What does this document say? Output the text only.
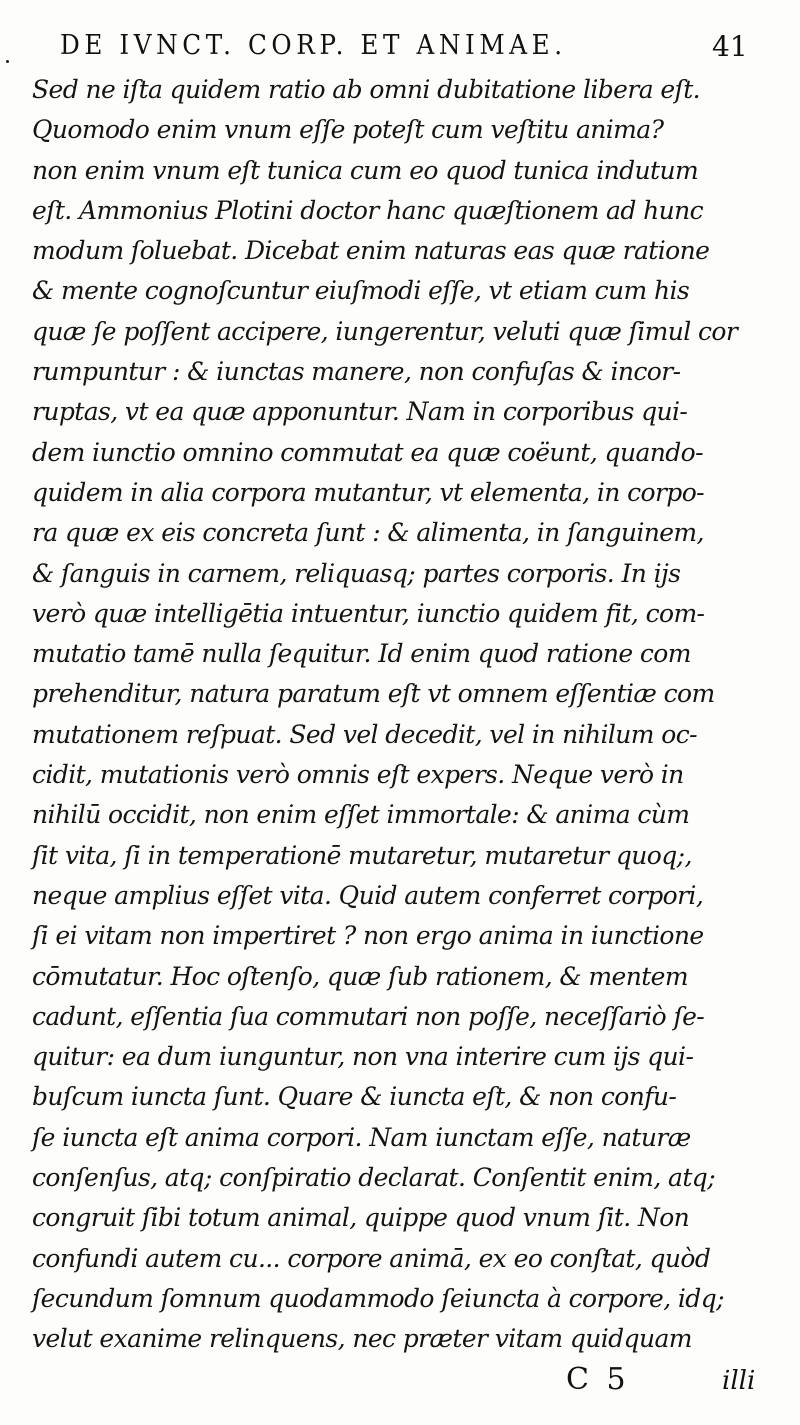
DE IVNCT. CORP. ET ANIMAE.	41
Sed ne iſta quidem ratio ab omni dubitatione libera eſt.
Quomodo enim vnum eſſe poteſt cum veſtitu anima?
non enim vnum eſt tunica cum eo quod tunica indutum
eſt. Ammonius Plotini doctor hanc quæſtionem ad hunc
modum ſoluebat. Dicebat enim naturas eas quæ ratione
& mente cognoſcuntur eiuſmodi eſſe, vt etiam cum his
quæ ſe poſſent accipere, iungerentur, veluti quæ ſimul cor
rumpuntur : & iunctas manere, non confuſas & incor-
ruptas, vt ea quæ apponuntur. Nam in corporibus qui-
dem iunctio omnino commutat ea quæ coëunt, quando-
quidem in alia corpora mutantur, vt elementa, in corpo-
ra quæ ex eis concreta ſunt : & alimenta, in ſanguinem,
& ſanguis in carnem, reliquasq; partes corporis. In ijs
verò quæ intelligētia intuentur, iunctio quidem fit, com-
mutatio tamē nulla ſequitur. Id enim quod ratione com
prehenditur, natura paratum eſt vt omnem eſſentiæ com
mutationem reſpuat. Sed vel decedit, vel in nihilum oc-
cidit, mutationis verò omnis eſt expers. Neque verò in
nihilū occidit, non enim eſſet immortale: & anima cùm
ſit vita, ſi in temperationē mutaretur, mutaretur quoq;,
neque amplius eſſet vita. Quid autem conferret corpori,
ſi ei vitam non impertiret ? non ergo anima in iunctione
cōmutatur. Hoc oſtenſo, quæ ſub rationem, & mentem
cadunt, eſſentia ſua commutari non poſſe, neceſſariò ſe-
quitur: ea dum iunguntur, non vna interire cum ijs qui-
buſcum iuncta ſunt. Quare & iuncta eſt, & non confu-
ſe iuncta eſt anima corpori. Nam iunctam eſſe, naturæ
conſenſus, atq; conſpiratio declarat. Conſentit enim, atq;
congruit ſibi totum animal, quippe quod vnum ſit. Non
confundi autem cu... corpore animā, ex eo conſtat, quòd
ſecundum ſomnum quodammodo ſeiuncta à corpore, idq;
velut exanime relinquens, nec præter vitam quidquam
C 5	illi
